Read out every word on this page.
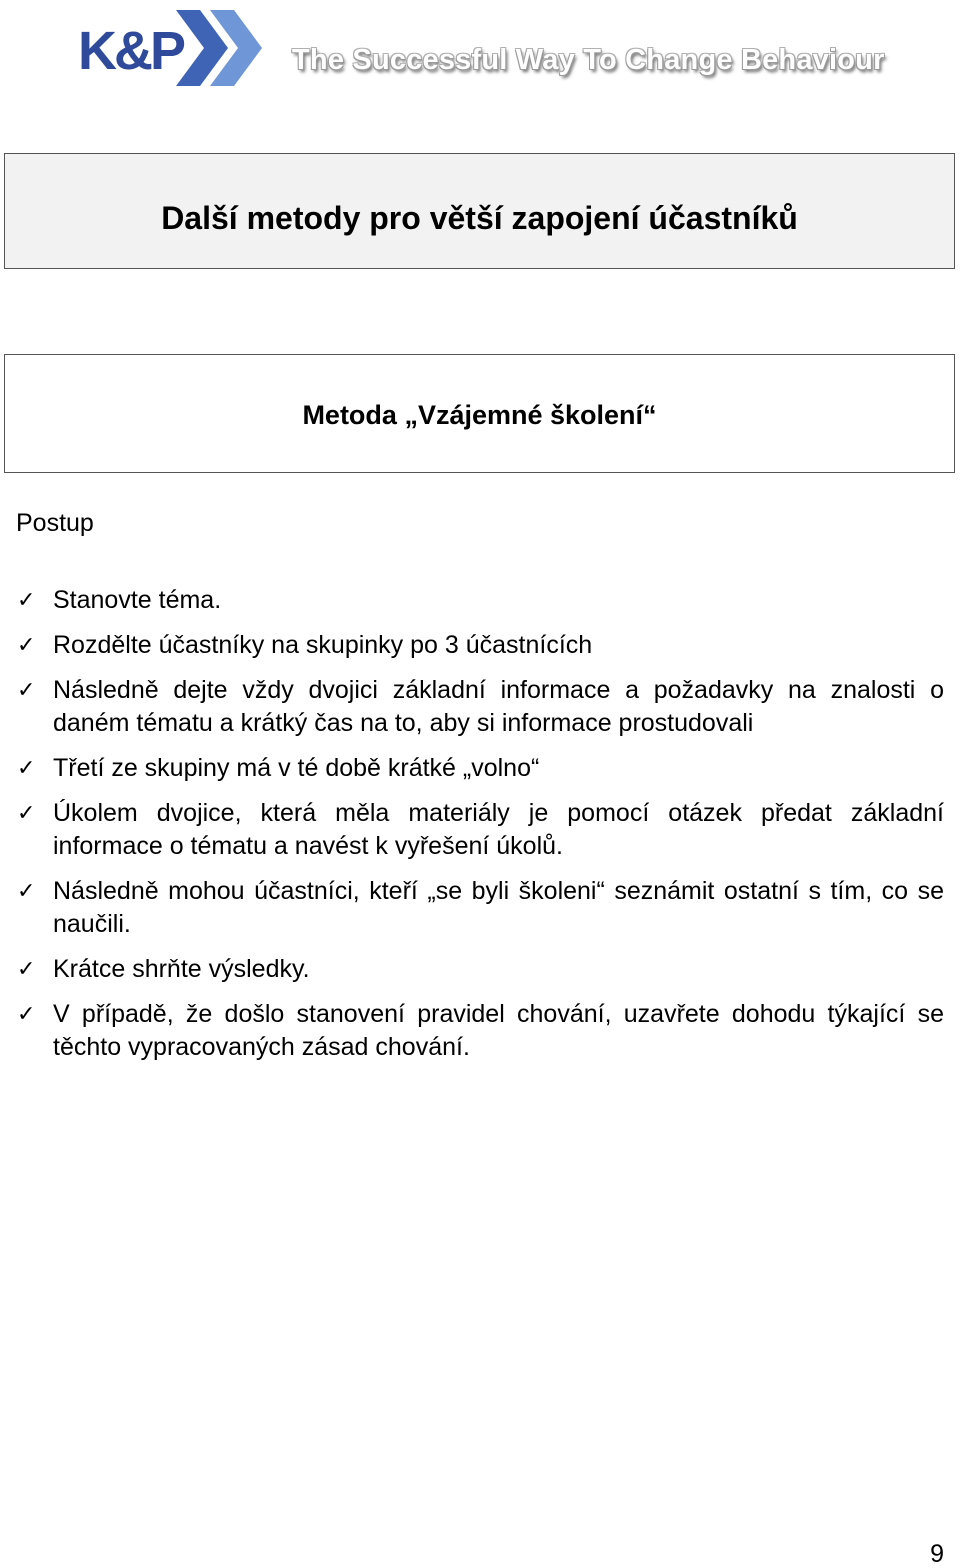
K&P	The Successful Way To Change Behaviour
Další metody pro větší zapojení účastníků
Metoda „Vzájemné školení“
Postup
✓ Stanovte téma.
✓ Rozdělte účastníky na skupinky po 3 účastnících
✓ Následně dejte vždy dvojici základní informace a požadavky na znalosti o daném tématu a krátký čas na to, aby si informace prostudovali
✓ Třetí ze skupiny má v té době krátké „volno“
✓ Úkolem dvojice, která měla materiály je pomocí otázek předat základní informace o tématu a navést k vyřešení úkolů.
✓ Následně mohou účastníci, kteří „se byli školeni“ seznámit ostatní s tím, co se naučili.
✓ Krátce shrňte výsledky.
✓ V případě, že došlo stanovení pravidel chování, uzavřete dohodu týkající se těchto vypracovaných zásad chování.
9
